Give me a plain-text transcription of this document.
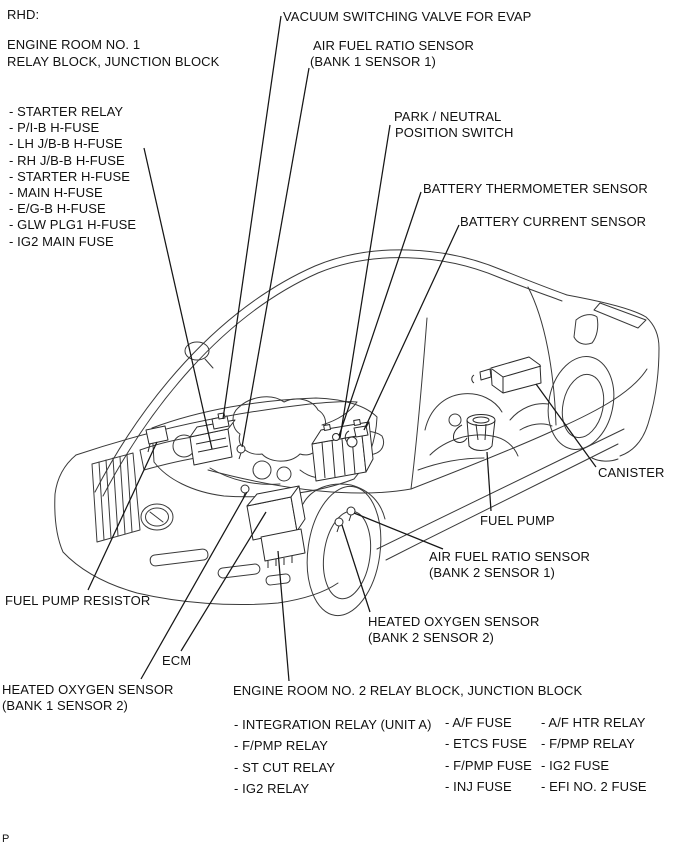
RHD:
ENGINE ROOM NO. 1
RELAY BLOCK, JUNCTION BLOCK
- STARTER RELAY
- P/I-B H-FUSE
- LH J/B-B H-FUSE
- RH J/B-B H-FUSE
- STARTER H-FUSE
- MAIN H-FUSE
- E/G-B H-FUSE
- GLW PLG1 H-FUSE
- IG2 MAIN FUSE
VACUUM SWITCHING VALVE FOR EVAP
AIR FUEL RATIO SENSOR
(BANK 1 SENSOR 1)
PARK / NEUTRAL
POSITION SWITCH
BATTERY THERMOMETER SENSOR
BATTERY CURRENT SENSOR
CANISTER
FUEL PUMP
AIR FUEL RATIO SENSOR
(BANK 2 SENSOR 1)
HEATED OXYGEN SENSOR
(BANK 2 SENSOR 2)
FUEL PUMP RESISTOR
ECM
HEATED OXYGEN SENSOR
(BANK 1 SENSOR 2)
ENGINE ROOM NO. 2 RELAY BLOCK, JUNCTION BLOCK
- INTEGRATION RELAY (UNIT A)
- F/PMP RELAY
- ST CUT RELAY
- IG2 RELAY
- A/F FUSE
- ETCS FUSE
- F/PMP FUSE
- INJ FUSE
- A/F HTR RELAY
- F/PMP RELAY
- IG2 FUSE
- EFI NO. 2 FUSE
P
